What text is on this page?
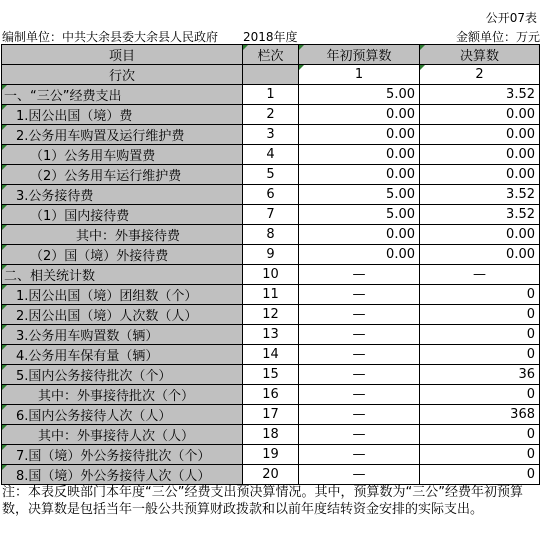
公开07表
编制单位：中共大余县委大余县人民政府 2018年度	金额单位：万元
项目	栏次	年初预算数	决算数
行次		1	2
一、“三公”经费支出	1	5.00	3.52
1.因公出国（境）费	2	0.00	0.00
2.公务用车购置及运行维护费	3	0.00	0.00
（1）公务用车购置费	4	0.00	0.00
（2）公务用车运行维护费	5	0.00	0.00
3.公务接待费	6	5.00	3.52
（1）国内接待费	7	5.00	3.52
其中：外事接待费	8	0.00	0.00
（2）国（境）外接待费	9	0.00	0.00
二、相关统计数	10	—	—
1.因公出国（境）团组数（个）	11	—	0
2.因公出国（境）人次数（人）	12	—	0
3.公务用车购置数（辆）	13	—	0
4.公务用车保有量（辆）	14	—	0
5.国内公务接待批次（个）	15	—	36
其中：外事接待批次（个）	16	—	0
6.国内公务接待人次（人）	17	—	368
其中：外事接待人次（人）	18	—	0
7.国（境）外公务接待批次（个）	19	—	0
8.国（境）外公务接待人次（人）	20	—	0
注：本表反映部门本年度“三公”经费支出预决算情况。其中，预算数为“三公”经费年初预算数，决算数是包括当年一般公共预算财政拨款和以前年度结转资金安排的实际支出。
